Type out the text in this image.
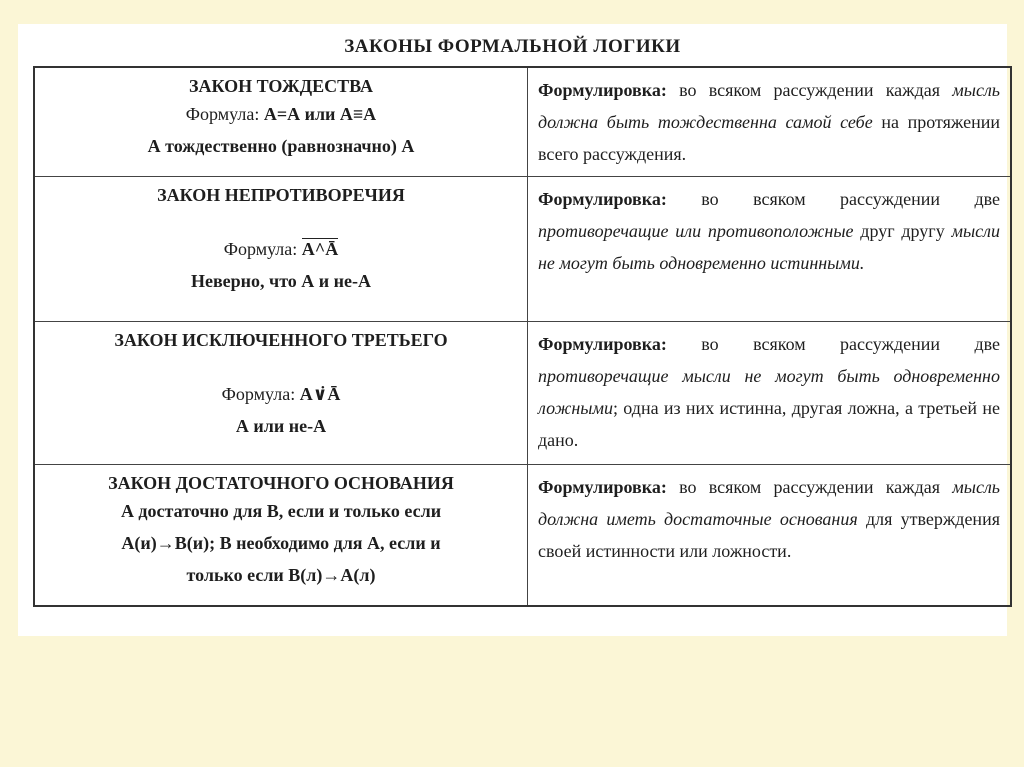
ЗАКОНЫ ФОРМАЛЬНОЙ ЛОГИКИ
ЗАКОН ТОЖДЕСТВА
Формула: А=А или А≡А
А тождественно (равнозначно) А	Формулировка: во всяком рассуждении каждая мысль должна быть тождественна самой себе на протяжении всего рассуждения.

ЗАКОН НЕПРОТИВОРЕЧИЯ
Формула: А^Ā
Неверно, что А и не-А	Формулировка: во всяком рассуждении две противоречащие или противоположные друг другу мысли не могут быть одновременно истинными.

ЗАКОН ИСКЛЮЧЕННОГО ТРЕТЬЕГО
Формула: А∨̇Ā
А или не-А	Формулировка: во всяком рассуждении две противоречащие мысли не могут быть одновременно ложными; одна из них истинна, другая ложна, а третьей не дано.

ЗАКОН ДОСТАТОЧНОГО ОСНОВАНИЯ
А достаточно для В, если и только если
А(и)→В(и); В необходимо для А, если и
только если В(л)→А(л)	Формулировка: во всяком рассуждении каждая мысль должна иметь достаточные основания для утверждения своей истинности или ложности.
